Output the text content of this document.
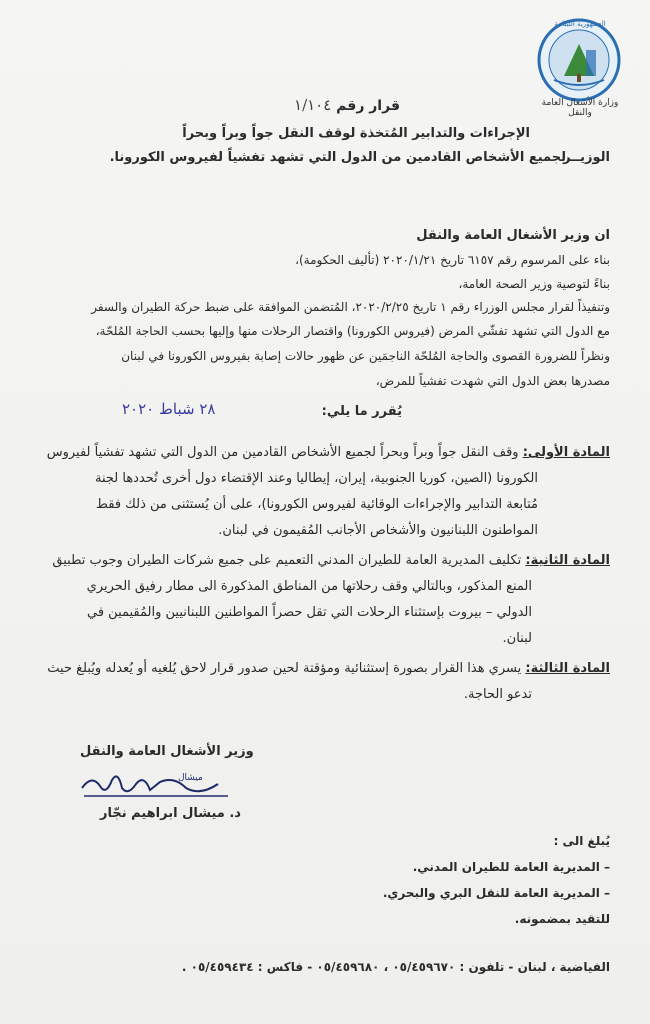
وزارة الأشغال العامة والنقل
قرار رقم ١/١٠٤
الإجراءات والتدابير المُتخذة لوقف النقل جواً وبراً وبحراً
لجميع الأشخاص القادمين من الدول التي تشهد تفشياً لفيروس الكورونا.
الوزيــر
ان وزير الأشغال العامة والنقل
بناء على المرسوم رقم ٦١٥٧ تاريخ ٢٠٢٠/١/٢١ (تأليف الحكومة)،
بناءً لتوصية وزير الصحة العامة،
وتنفيذاً لقرار مجلس الوزراء رقم ١ تاريخ ٢٠٢٠/٢/٢٥، المُتضمن الموافقة على ضبط حركة الطيران والسفر
مع الدول التي تشهد تفشّي المرض (فيروس الكورونا) واقتصار الرحلات منها وإليها بحسب الحاجة المُلحّة،
ونظراً للضرورة القصوى والحاجة المُلحّة الناجمَين عن ظهور حالات إصابة بفيروس الكورونا في لبنان
مصدرها بعض الدول التي شهدت تفشياً للمرض،
٢٨ شباط ٢٠٢٠	يُقرر ما يلي:
المادة الأولى: وقف النقل جواً وبراً وبحراً لجميع الأشخاص القادمين من الدول التي تشهد تفشياً لفيروس
الكورونا (الصين، كوريا الجنوبية، إيران، إيطاليا وعند الإقتضاء دول أخرى تُحددها لجنة
مُتابعة التدابير والإجراءات الوقائية لفيروس الكورونا)، على أن يُستثنى من ذلك فقط
المواطنون اللبنانيون والأشخاص الأجانب المُقيمون في لبنان.
المادة الثانية: تكليف المديرية العامة للطيران المدني التعميم على جميع شركات الطيران وجوب تطبيق
المنع المذكور، وبالتالي وقف رحلاتها من المناطق المذكورة الى مطار رفيق الحريري
الدولي – بيروت بإستثناء الرحلات التي تقل حصراً المواطنين اللبنانيين والمُقيمين في
لبنان.
المادة الثالثة: يسري هذا القرار بصورة إستثنائية ومؤقتة لحين صدور قرار لاحق يُلغيه أو يُعدله ويُبلغ حيث
تدعو الحاجة.
وزير الأشغال العامة والنقل
ميشال
د. ميشال ابراهيم نجّار
يُبلغ الى :
– المديرية العامة للطيران المدني.
– المديرية العامة للنقل البري والبحري.
للتقيد بمضمونه.
الفياضية ، لبنان - تلفون : ٠٥/٤٥٩٦٧٠ ، ٠٥/٤٥٩٦٨٠ - فاكس : ٠٥/٤٥٩٤٣٤ .
الجمهورية اللبنانية
